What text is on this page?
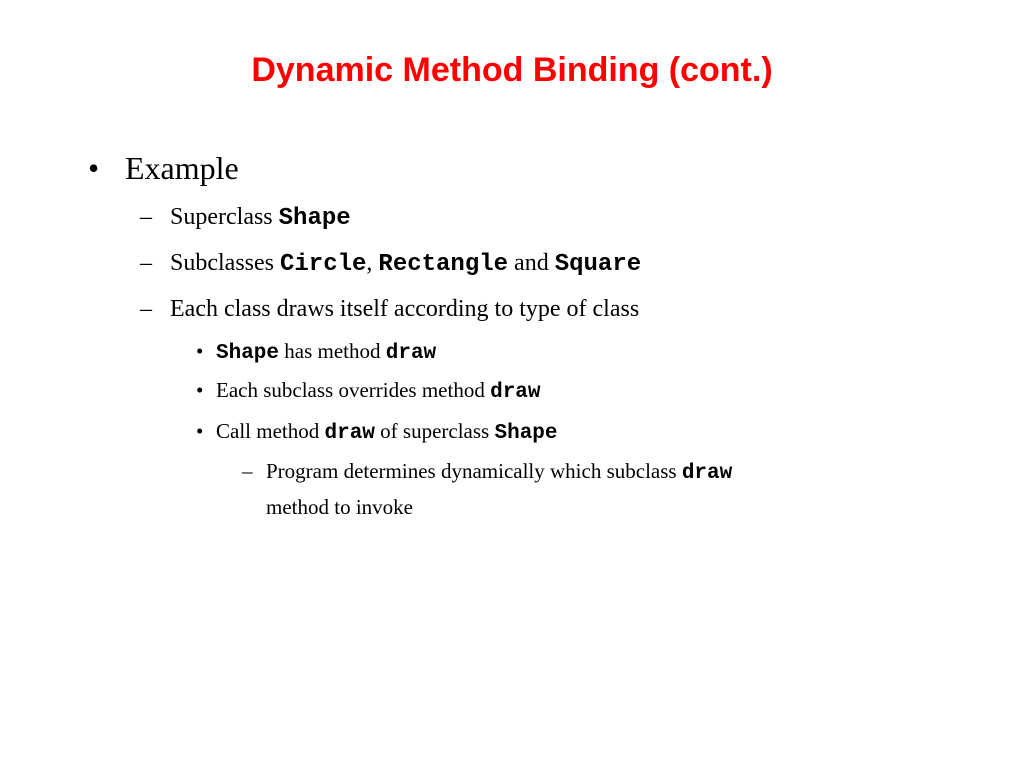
Dynamic Method Binding (cont.)
• Example
– Superclass Shape
– Subclasses Circle, Rectangle and Square
– Each class draws itself according to type of class
• Shape has method draw
• Each subclass overrides method draw
• Call method draw of superclass Shape
– Program determines dynamically which subclass draw
method to invoke
